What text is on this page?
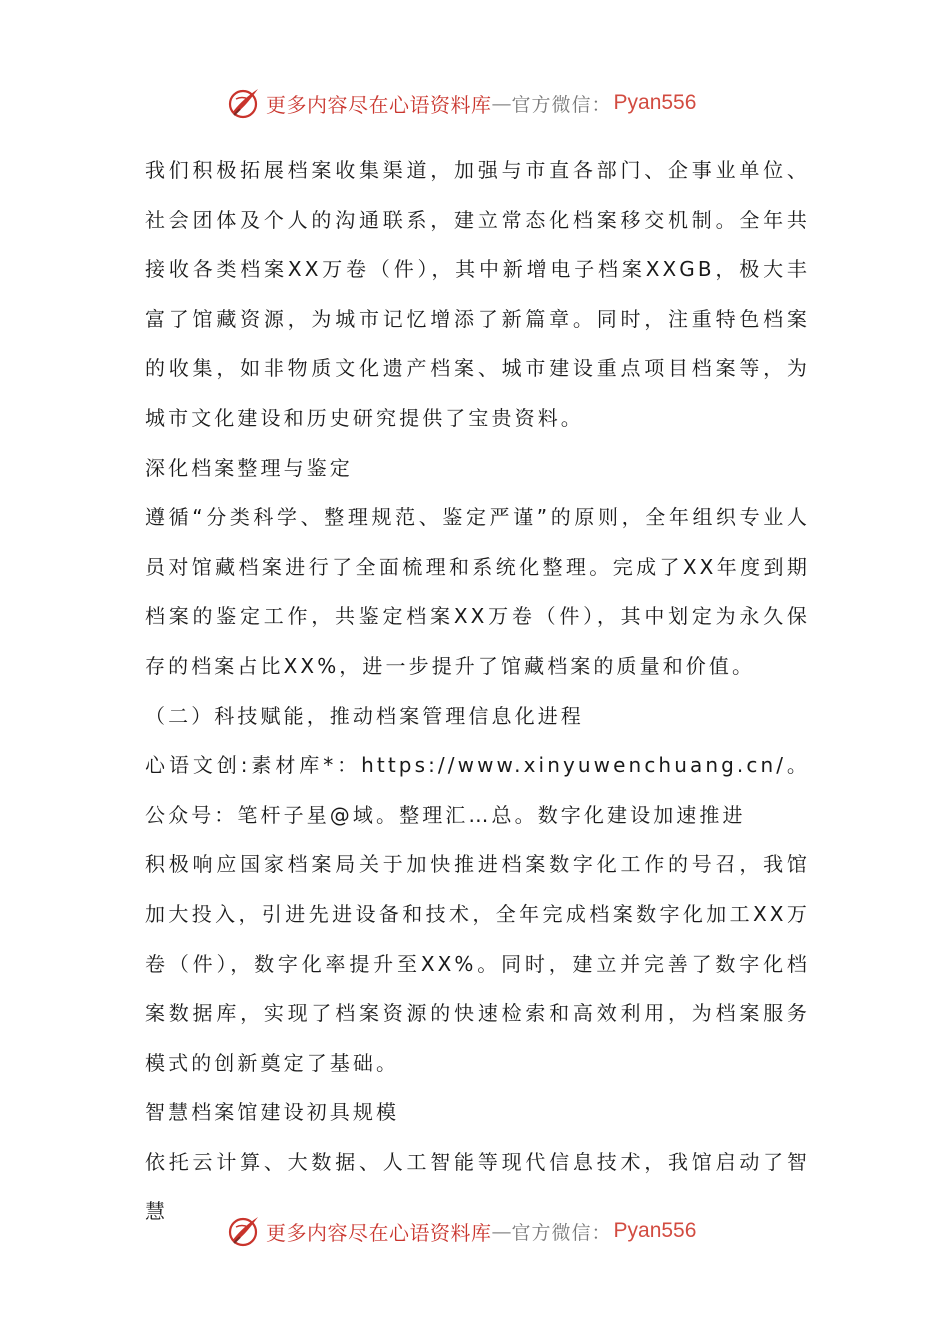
更多内容尽在心语资料库 — 官方微信： Pyan556

我们积极拓展档案收集渠道，加强与市直各部门、企事业单位、社会团体及个人的沟通联系，建立常态化档案移交机制。全年共接收各类档案XX万卷（件），其中新增电子档案XXGB，极大丰富了馆藏资源，为城市记忆增添了新篇章。同时，注重特色档案的收集，如非物质文化遗产档案、城市建设重点项目档案等，为城市文化建设和历史研究提供了宝贵资料。

深化档案整理与鉴定

遵循“分类科学、整理规范、鉴定严谨”的原则，全年组织专业人员对馆藏档案进行了全面梳理和系统化整理。完成了XX年度到期档案的鉴定工作，共鉴定档案XX万卷（件），其中划定为永久保存的档案占比XX%，进一步提升了馆藏档案的质量和价值。

（二）科技赋能，推动档案管理信息化进程

心语文创:素材库*：https://www.xinyuwenchuang.cn/。公众号：笔杆子星@域。整理汇…总。数字化建设加速推进

积极响应国家档案局关于加快推进档案数字化工作的号召，我馆加大投入，引进先进设备和技术，全年完成档案数字化加工XX万卷（件），数字化率提升至XX%。同时，建立并完善了数字化档案数据库，实现了档案资源的快速检索和高效利用，为档案服务模式的创新奠定了基础。

智慧档案馆建设初具规模

依托云计算、大数据、人工智能等现代信息技术，我馆启动了智慧

更多内容尽在心语资料库 — 官方微信： Pyan556
